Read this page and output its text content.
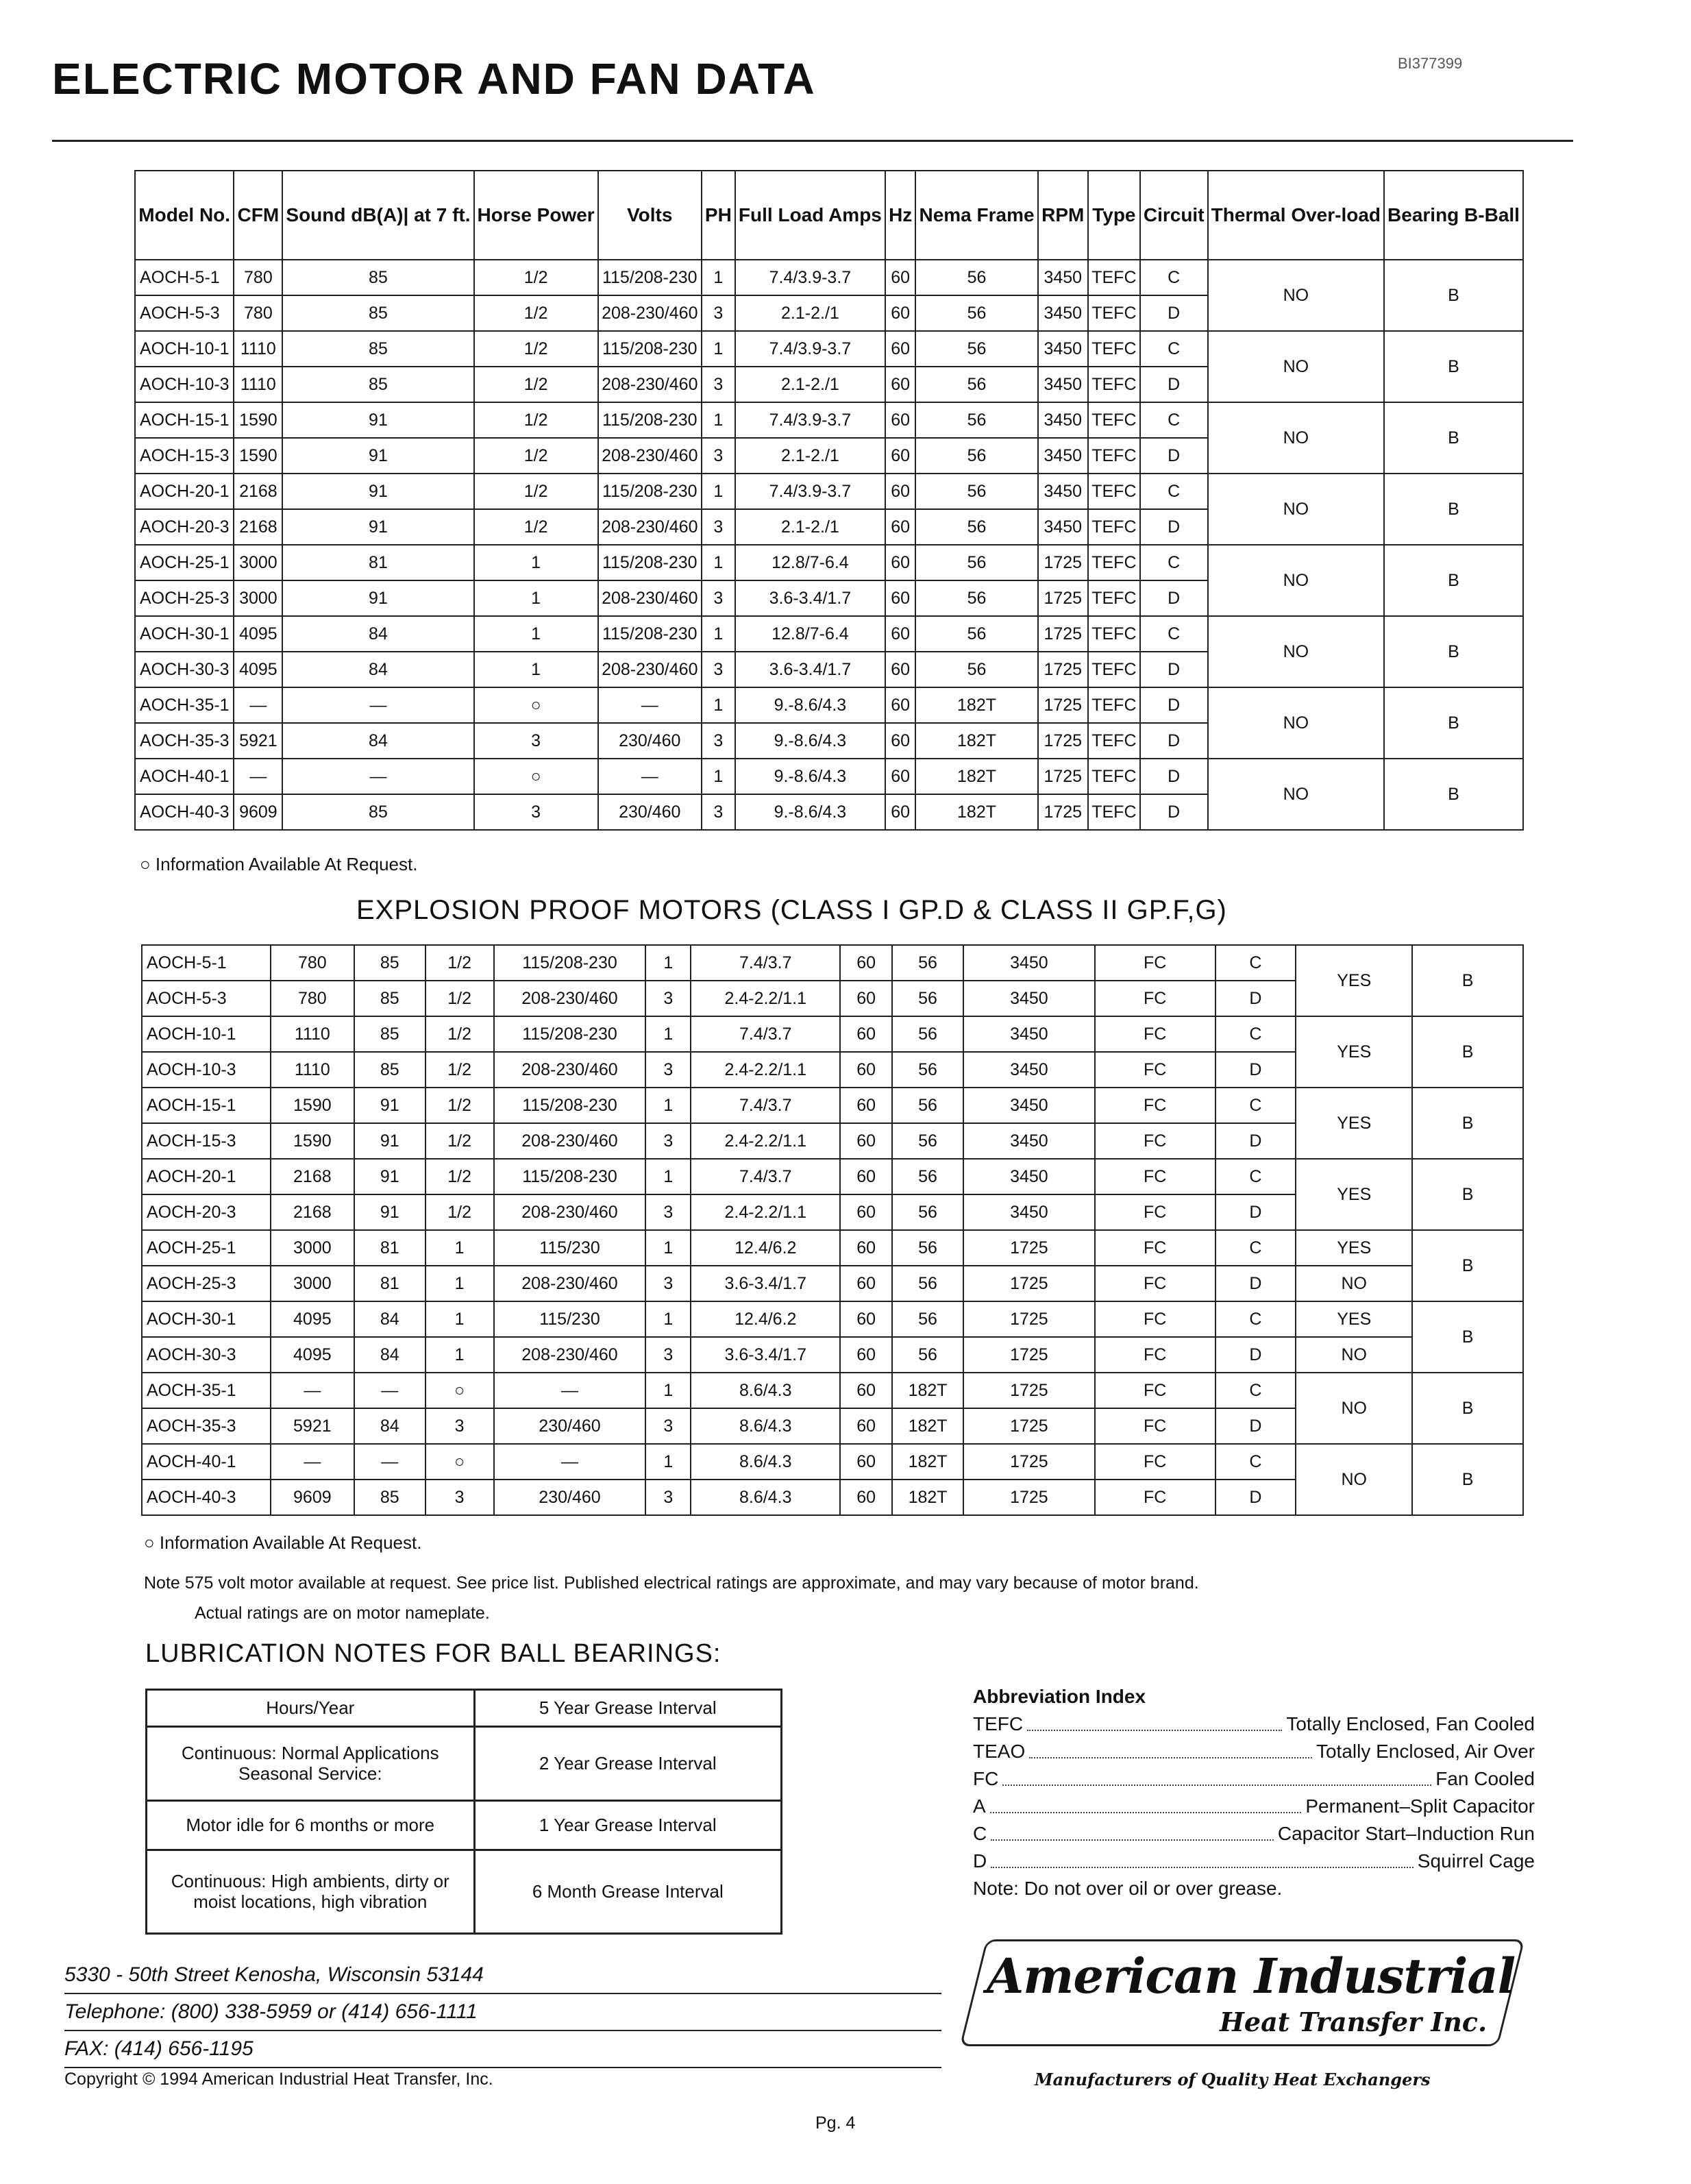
ELECTRIC MOTOR AND FAN DATA	BI377399
Model No.	CFM	Sound dB(A)| at 7 ft.	Horse Power	Volts	PH	Full Load Amps	Hz	Nema Frame	RPM	Type	Circuit	Thermal Over-load	Bearing B-Ball
AOCH-5-1	780	85	1/2	115/208-230	1	7.4/3.9-3.7	60	56	3450	TEFC	C	NO	B
AOCH-5-3	780	85	1/2	208-230/460	3	2.1-2./1	60	56	3450	TEFC	D		
AOCH-10-1	1110	85	1/2	115/208-230	1	7.4/3.9-3.7	60	56	3450	TEFC	C	NO	B
AOCH-10-3	1110	85	1/2	208-230/460	3	2.1-2./1	60	56	3450	TEFC	D		
AOCH-15-1	1590	91	1/2	115/208-230	1	7.4/3.9-3.7	60	56	3450	TEFC	C	NO	B
AOCH-15-3	1590	91	1/2	208-230/460	3	2.1-2./1	60	56	3450	TEFC	D		
AOCH-20-1	2168	91	1/2	115/208-230	1	7.4/3.9-3.7	60	56	3450	TEFC	C	NO	B
AOCH-20-3	2168	91	1/2	208-230/460	3	2.1-2./1	60	56	3450	TEFC	D		
AOCH-25-1	3000	81	1	115/208-230	1	12.8/7-6.4	60	56	1725	TEFC	C	NO	B
AOCH-25-3	3000	91	1	208-230/460	3	3.6-3.4/1.7	60	56	1725	TEFC	D		
AOCH-30-1	4095	84	1	115/208-230	1	12.8/7-6.4	60	56	1725	TEFC	C	NO	B
AOCH-30-3	4095	84	1	208-230/460	3	3.6-3.4/1.7	60	56	1725	TEFC	D		
AOCH-35-1	—	—	○	—	1	9.-8.6/4.3	60	182T	1725	TEFC	D	NO	B
AOCH-35-3	5921	84	3	230/460	3	9.-8.6/4.3	60	182T	1725	TEFC	D		
AOCH-40-1	—	—	○	—	1	9.-8.6/4.3	60	182T	1725	TEFC	D	NO	B
AOCH-40-3	9609	85	3	230/460	3	9.-8.6/4.3	60	182T	1725	TEFC	D		
○ Information Available At Request.
EXPLOSION PROOF MOTORS (CLASS I GP.D & CLASS II GP.F,G)
AOCH-5-1	780	85	1/2	115/208-230	1	7.4/3.7	60	56	3450	FC	C	YES	B
AOCH-5-3	780	85	1/2	208-230/460	3	2.4-2.2/1.1	60	56	3450	FC	D		
AOCH-10-1	1110	85	1/2	115/208-230	1	7.4/3.7	60	56	3450	FC	C	YES	B
AOCH-10-3	1110	85	1/2	208-230/460	3	2.4-2.2/1.1	60	56	3450	FC	D		
AOCH-15-1	1590	91	1/2	115/208-230	1	7.4/3.7	60	56	3450	FC	C	YES	B
AOCH-15-3	1590	91	1/2	208-230/460	3	2.4-2.2/1.1	60	56	3450	FC	D		
AOCH-20-1	2168	91	1/2	115/208-230	1	7.4/3.7	60	56	3450	FC	C	YES	B
AOCH-20-3	2168	91	1/2	208-230/460	3	2.4-2.2/1.1	60	56	3450	FC	D		
AOCH-25-1	3000	81	1	115/230	1	12.4/6.2	60	56	1725	FC	C	YES	B
AOCH-25-3	3000	81	1	208-230/460	3	3.6-3.4/1.7	60	56	1725	FC	D	NO	
AOCH-30-1	4095	84	1	115/230	1	12.4/6.2	60	56	1725	FC	C	YES	B
AOCH-30-3	4095	84	1	208-230/460	3	3.6-3.4/1.7	60	56	1725	FC	D	NO	
AOCH-35-1	—	—	○	—	1	8.6/4.3	60	182T	1725	FC	C	NO	B
AOCH-35-3	5921	84	3	230/460	3	8.6/4.3	60	182T	1725	FC	D		
AOCH-40-1	—	—	○	—	1	8.6/4.3	60	182T	1725	FC	C	NO	B
AOCH-40-3	9609	85	3	230/460	3	8.6/4.3	60	182T	1725	FC	D		
○ Information Available At Request.
Note 575 volt motor available at request. See price list. Published electrical ratings are approximate, and may vary because of motor brand.
Actual ratings are on motor nameplate.
LUBRICATION NOTES FOR BALL BEARINGS:
Hours/Year	5 Year Grease Interval
Continuous: Normal Applications Seasonal Service:	2 Year Grease Interval
Motor idle for 6 months or more	1 Year Grease Interval
Continuous: High ambients, dirty or moist locations, high vibration	6 Month Grease Interval
Abbreviation Index
TEFC	Totally Enclosed, Fan Cooled
TEAO	Totally Enclosed, Air Over
FC	Fan Cooled
A	Permanent–Split Capacitor
C	Capacitor Start–Induction Run
D	Squirrel Cage
Note: Do not over oil or over grease.
5330 - 50th Street Kenosha, Wisconsin 53144
Telephone: (800) 338-5959 or (414) 656-1111
FAX: (414) 656-1195
Copyright © 1994 American Industrial Heat Transfer, Inc.
American Industrial
Heat Transfer Inc.
Manufacturers of Quality Heat Exchangers
Pg. 4
